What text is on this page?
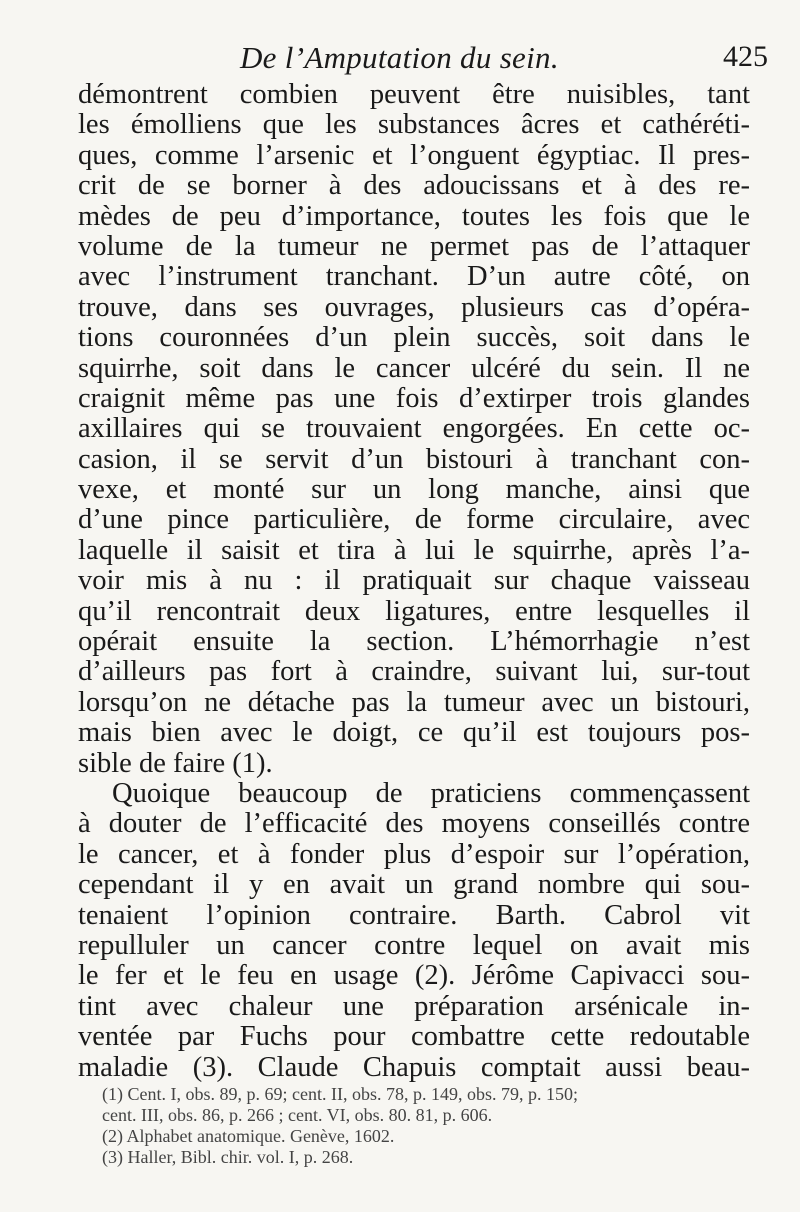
De l’Amputation du sein.	425
démontrent combien peuvent être nuisibles, tant
les émolliens que les substances âcres et cathéréti-
ques, comme l’arsenic et l’onguent égyptiac. Il pres-
crit de se borner à des adoucissans et à des re-
mèdes de peu d’importance, toutes les fois que le
volume de la tumeur ne permet pas de l’attaquer
avec l’instrument tranchant. D’un autre côté, on
trouve, dans ses ouvrages, plusieurs cas d’opéra-
tions couronnées d’un plein succès, soit dans le
squirrhe, soit dans le cancer ulcéré du sein. Il ne
craignit même pas une fois d’extirper trois glandes
axillaires qui se trouvaient engorgées. En cette oc-
casion, il se servit d’un bistouri à tranchant con-
vexe, et monté sur un long manche, ainsi que
d’une pince particulière, de forme circulaire, avec
laquelle il saisit et tira à lui le squirrhe, après l’a-
voir mis à nu : il pratiquait sur chaque vaisseau
qu’il rencontrait deux ligatures, entre lesquelles il
opérait ensuite la section. L’hémorrhagie n’est
d’ailleurs pas fort à craindre, suivant lui, sur-tout
lorsqu’on ne détache pas la tumeur avec un bistouri,
mais bien avec le doigt, ce qu’il est toujours pos-
sible de faire (1).
Quoique beaucoup de praticiens commençassent
à douter de l’efficacité des moyens conseillés contre
le cancer, et à fonder plus d’espoir sur l’opération,
cependant il y en avait un grand nombre qui sou-
tenaient l’opinion contraire. Barth. Cabrol vit
repulluler un cancer contre lequel on avait mis
le fer et le feu en usage (2). Jérôme Capivacci sou-
tint avec chaleur une préparation arsénicale in-
ventée par Fuchs pour combattre cette redoutable
maladie (3). Claude Chapuis comptait aussi beau-
(1) Cent. I, obs. 89, p. 69; cent. II, obs. 78, p. 149, obs. 79, p. 150;
cent. III, obs. 86, p. 266 ; cent. VI, obs. 80. 81, p. 606.
(2) Alphabet anatomique. Genève, 1602.
(3) Haller, Bibl. chir. vol. I, p. 268.
